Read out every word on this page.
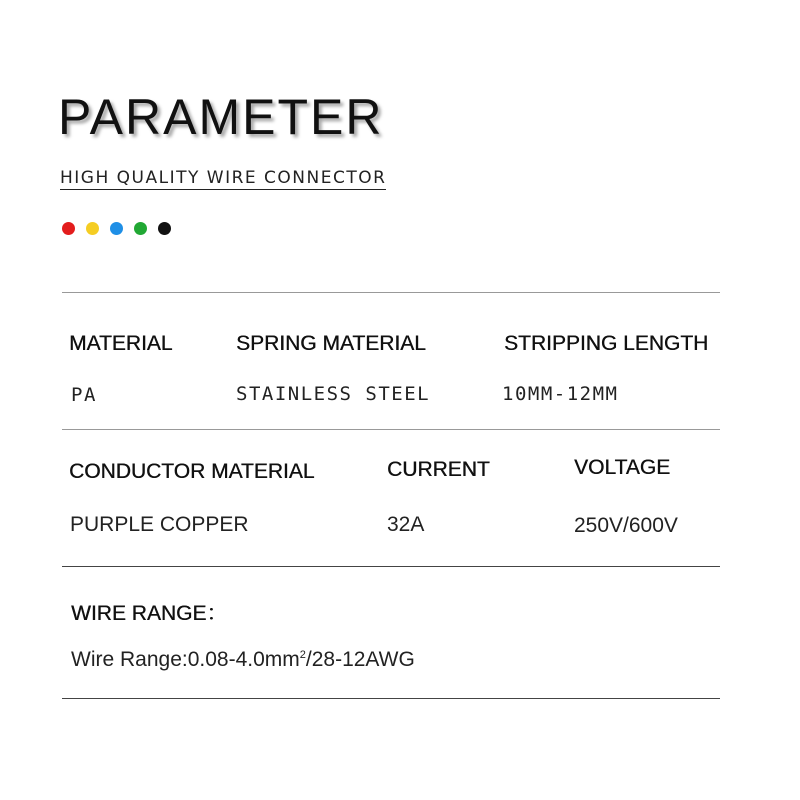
PARAMETER
HIGH QUALITY WIRE CONNECTOR
MATERIAL	SPRING MATERIAL	STRIPPING LENGTH
PA	STAINLESS STEEL	10MM-12MM
CONDUCTOR MATERIAL	CURRENT	VOLTAGE
PURPLE COPPER	32A	250V/600V
WIRE RANGE：
Wire $Range:0.08-4.0mm^2/28-12AWG$
